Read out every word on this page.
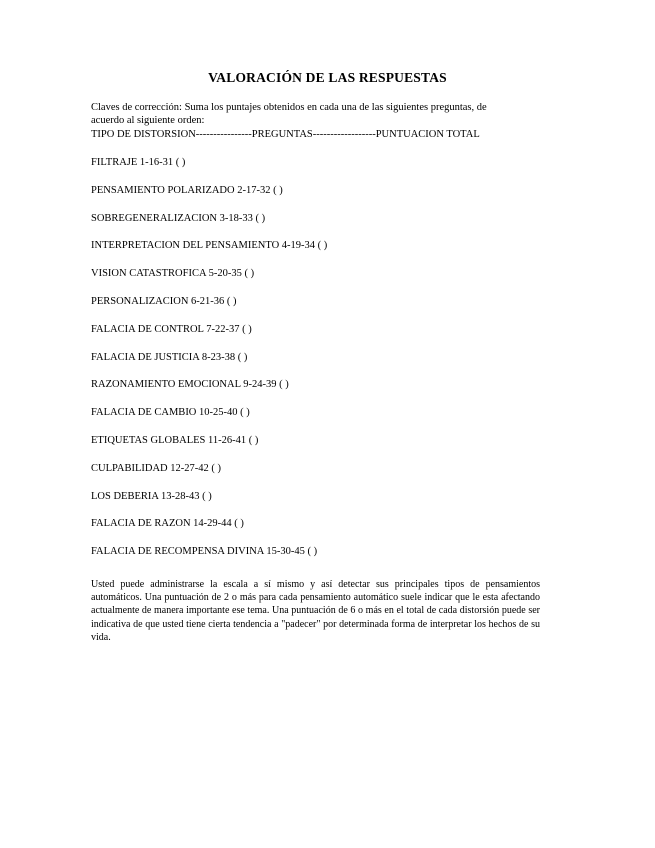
VALORACIÓN DE LAS RESPUESTAS
Claves de corrección: Suma los puntajes obtenidos en cada una de las siguientes preguntas, de acuerdo al siguiente orden:
TIPO DE DISTORSION----------------PREGUNTAS------------------PUNTUACION TOTAL
FILTRAJE 1-16-31 ( )
PENSAMIENTO POLARIZADO 2-17-32 ( )
SOBREGENERALIZACION 3-18-33 ( )
INTERPRETACION DEL PENSAMIENTO 4-19-34 ( )
VISION CATASTROFICA 5-20-35 ( )
PERSONALIZACION 6-21-36 ( )
FALACIA DE CONTROL 7-22-37 ( )
FALACIA DE JUSTICIA 8-23-38 ( )
RAZONAMIENTO EMOCIONAL 9-24-39 ( )
FALACIA DE CAMBIO 10-25-40 ( )
ETIQUETAS GLOBALES 11-26-41 ( )
CULPABILIDAD 12-27-42 ( )
LOS DEBERIA 13-28-43 ( )
FALACIA DE RAZON 14-29-44 ( )
FALACIA DE RECOMPENSA DIVINA 15-30-45 ( )
Usted puede administrarse la escala a sí mismo y así detectar sus principales tipos de pensamientos automáticos. Una puntuación de 2 o más para cada pensamiento automático suele indicar que le esta afectando actualmente de manera importante ese tema. Una puntuación de 6 o más en el total de cada distorsión puede ser indicativa de que usted tiene cierta tendencia a "padecer" por determinada forma de interpretar los hechos de su vida.
